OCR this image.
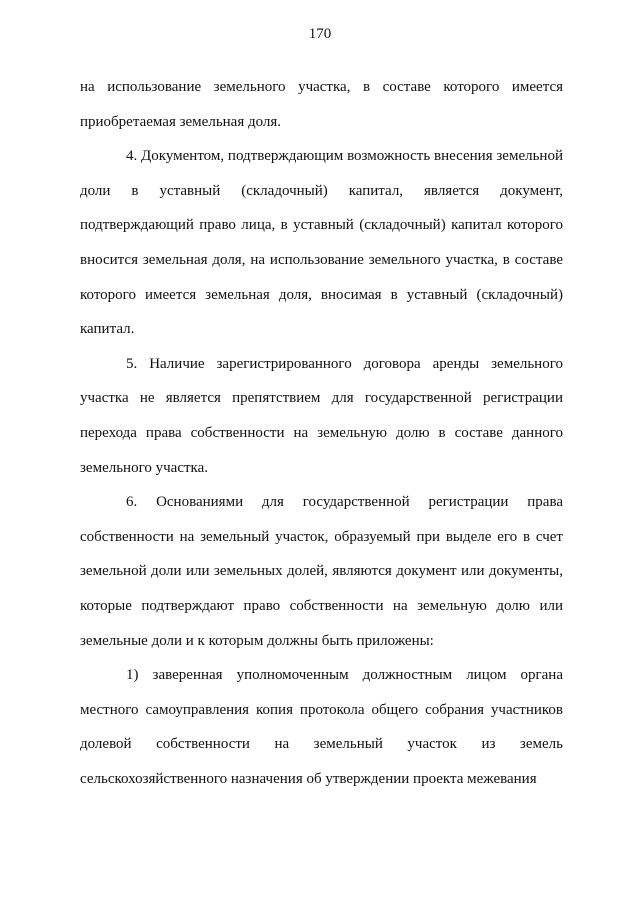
170

на использование земельного участка, в составе которого имеется приобретаемая земельная доля.

4. Документом, подтверждающим возможность внесения земельной доли в уставный (складочный) капитал, является документ, подтверждающий право лица, в уставный (складочный) капитал которого вносится земельная доля, на использование земельного участка, в составе которого имеется земельная доля, вносимая в уставный (складочный) капитал.

5. Наличие зарегистрированного договора аренды земельного участка не является препятствием для государственной регистрации перехода права собственности на земельную долю в составе данного земельного участка.

6. Основаниями для государственной регистрации права собственности на земельный участок, образуемый при выделе его в счет земельной доли или земельных долей, являются документ или документы, которые подтверждают право собственности на земельную долю или земельные доли и к которым должны быть приложены:

1) заверенная уполномоченным должностным лицом органа местного самоуправления копия протокола общего собрания участников долевой собственности на земельный участок из земель сельскохозяйственного назначения об утверждении проекта межевания
